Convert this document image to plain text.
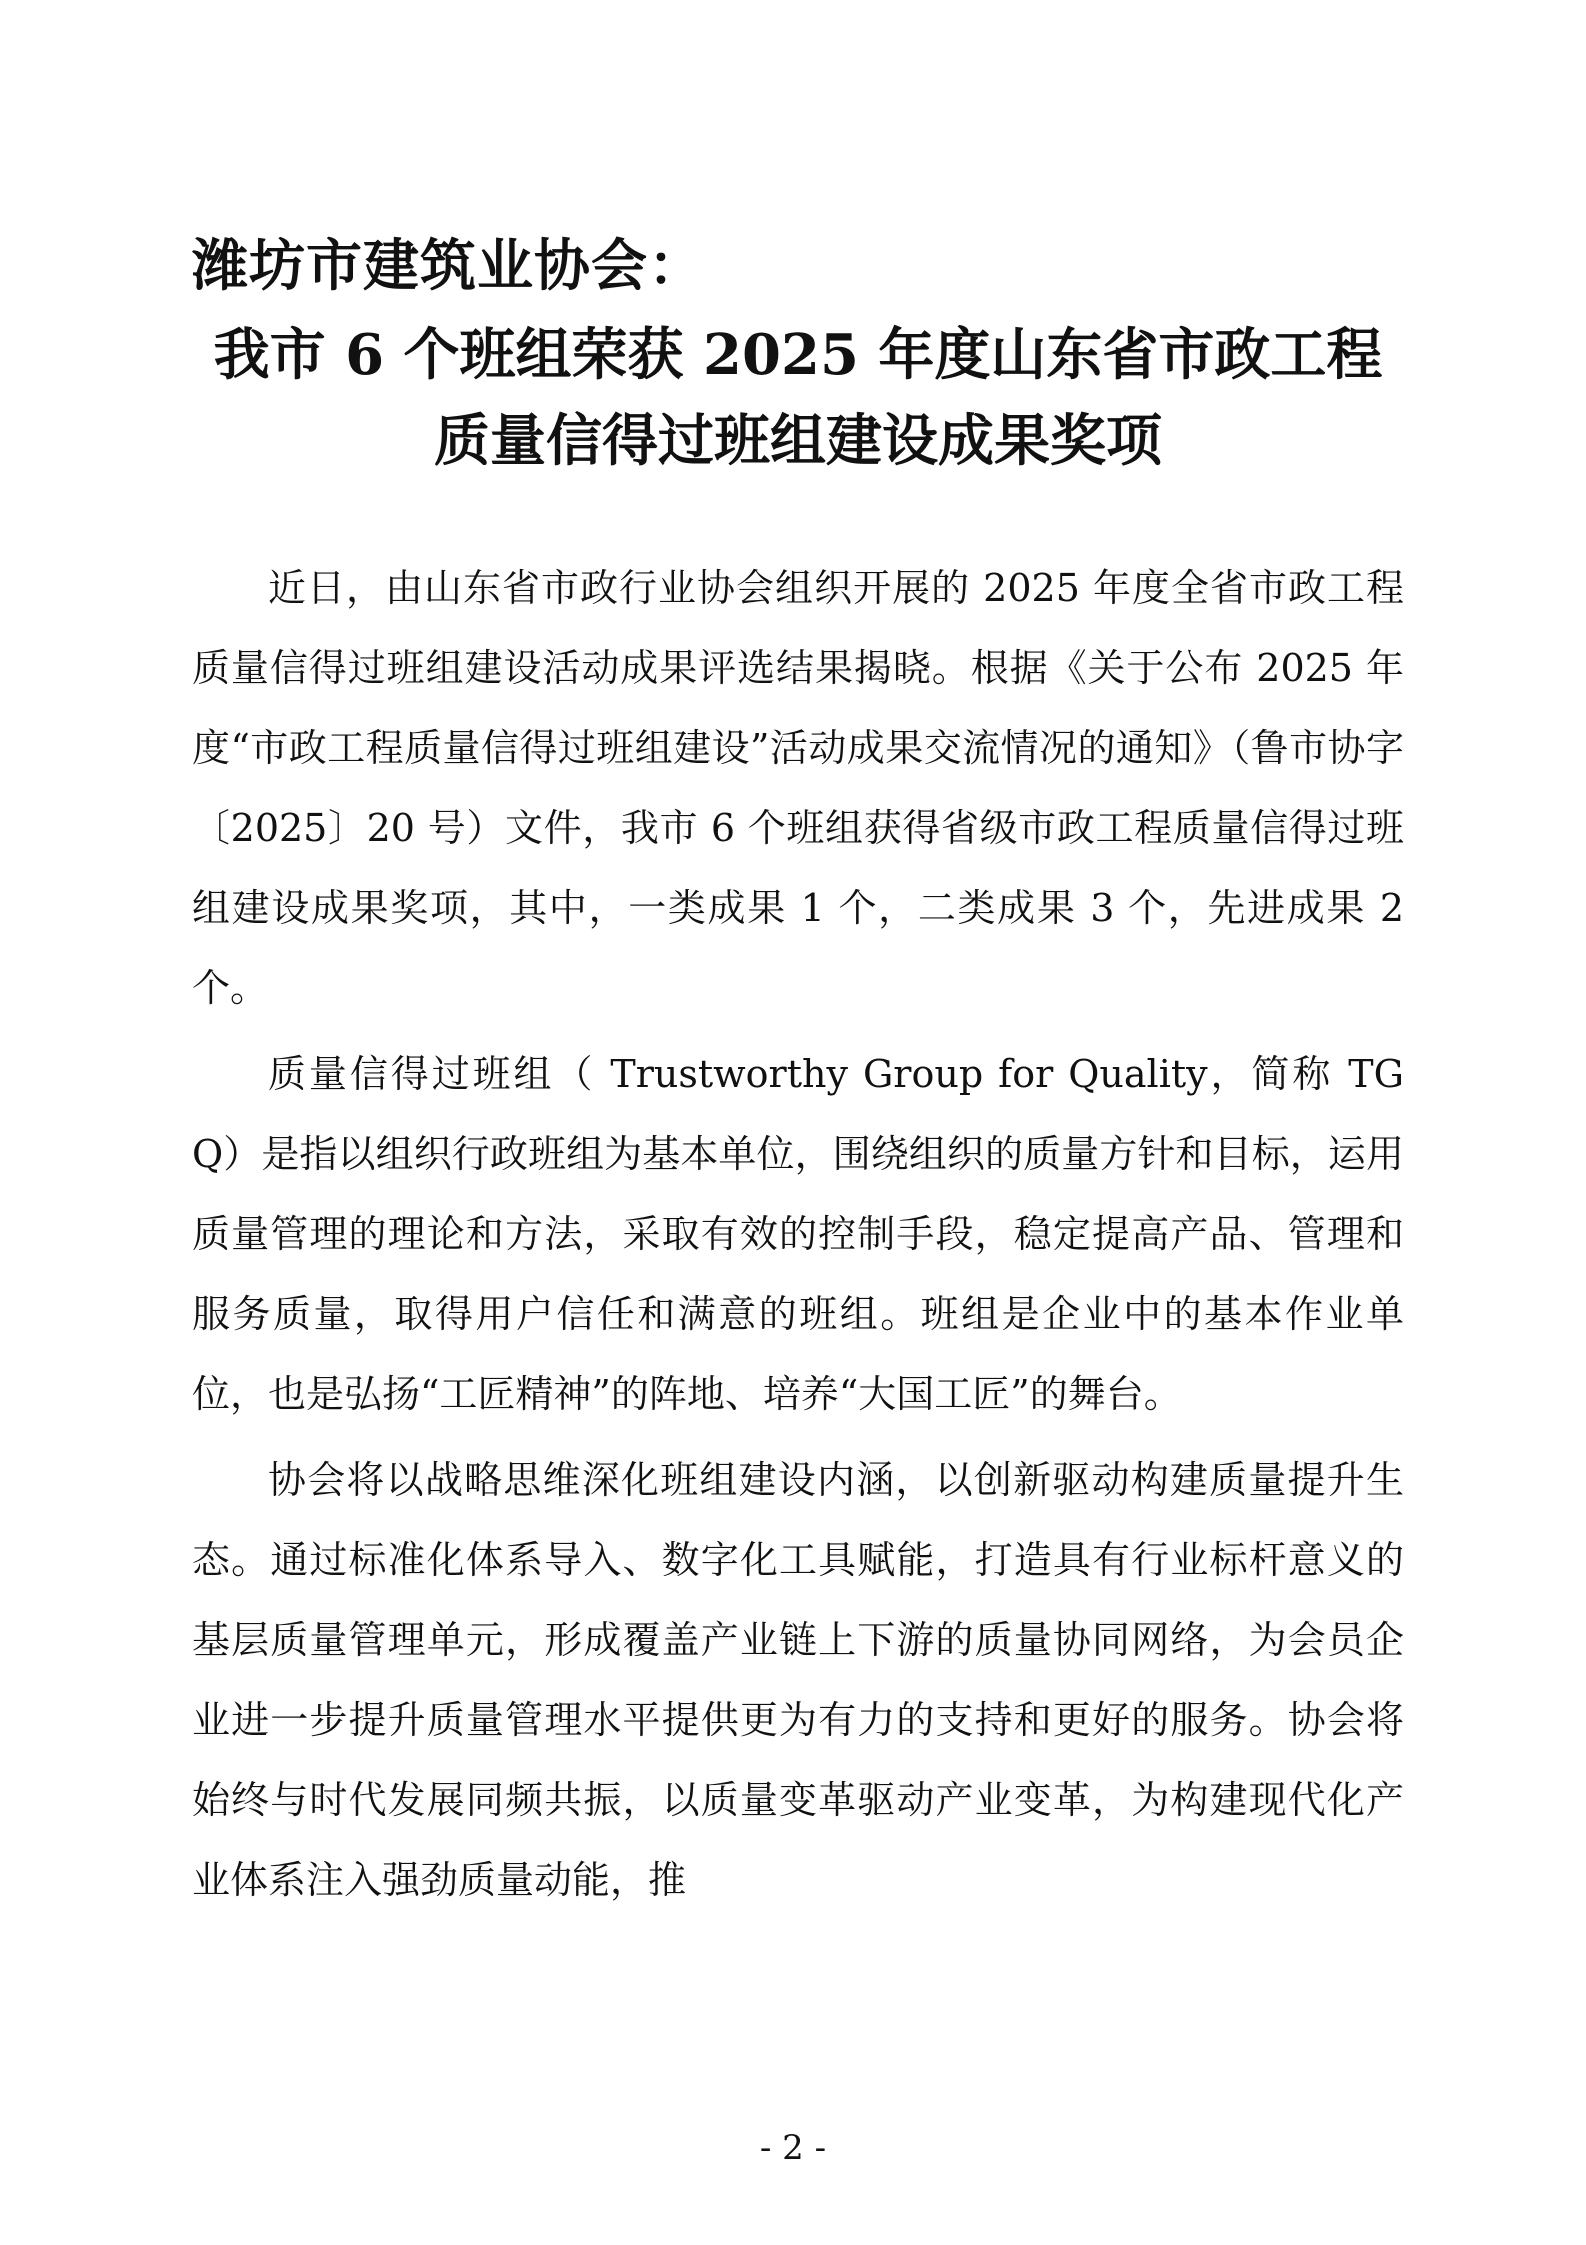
潍坊市建筑业协会：
我市 6 个班组荣获 2025 年度山东省市政工程
质量信得过班组建设成果奖项

近日，由山东省市政行业协会组织开展的 2025 年度全省市政工程质量信得过班组建设活动成果评选结果揭晓。根据《关于公布 2025 年度“市政工程质量信得过班组建设”活动成果交流情况的通知》（鲁市协字〔2025〕20 号）文件，我市 6 个班组获得省级市政工程质量信得过班组建设成果奖项，其中，一类成果 1 个，二类成果 3 个，先进成果 2 个。

质量信得过班组（ Trustworthy Group for Quality，简称 TGQ）是指以组织行政班组为基本单位，围绕组织的质量方针和目标，运用质量管理的理论和方法，采取有效的控制手段，稳定提高产品、管理和服务质量，取得用户信任和满意的班组。班组是企业中的基本作业单位，也是弘扬“工匠精神”的阵地、培养“大国工匠”的舞台。

协会将以战略思维深化班组建设内涵，以创新驱动构建质量提升生态。通过标准化体系导入、数字化工具赋能，打造具有行业标杆意义的基层质量管理单元，形成覆盖产业链上下游的质量协同网络，为会员企业进一步提升质量管理水平提供更为有力的支持和更好的服务。协会将始终与时代发展同频共振，以质量变革驱动产业变革，为构建现代化产业体系注入强劲质量动能，推

- 2 -
